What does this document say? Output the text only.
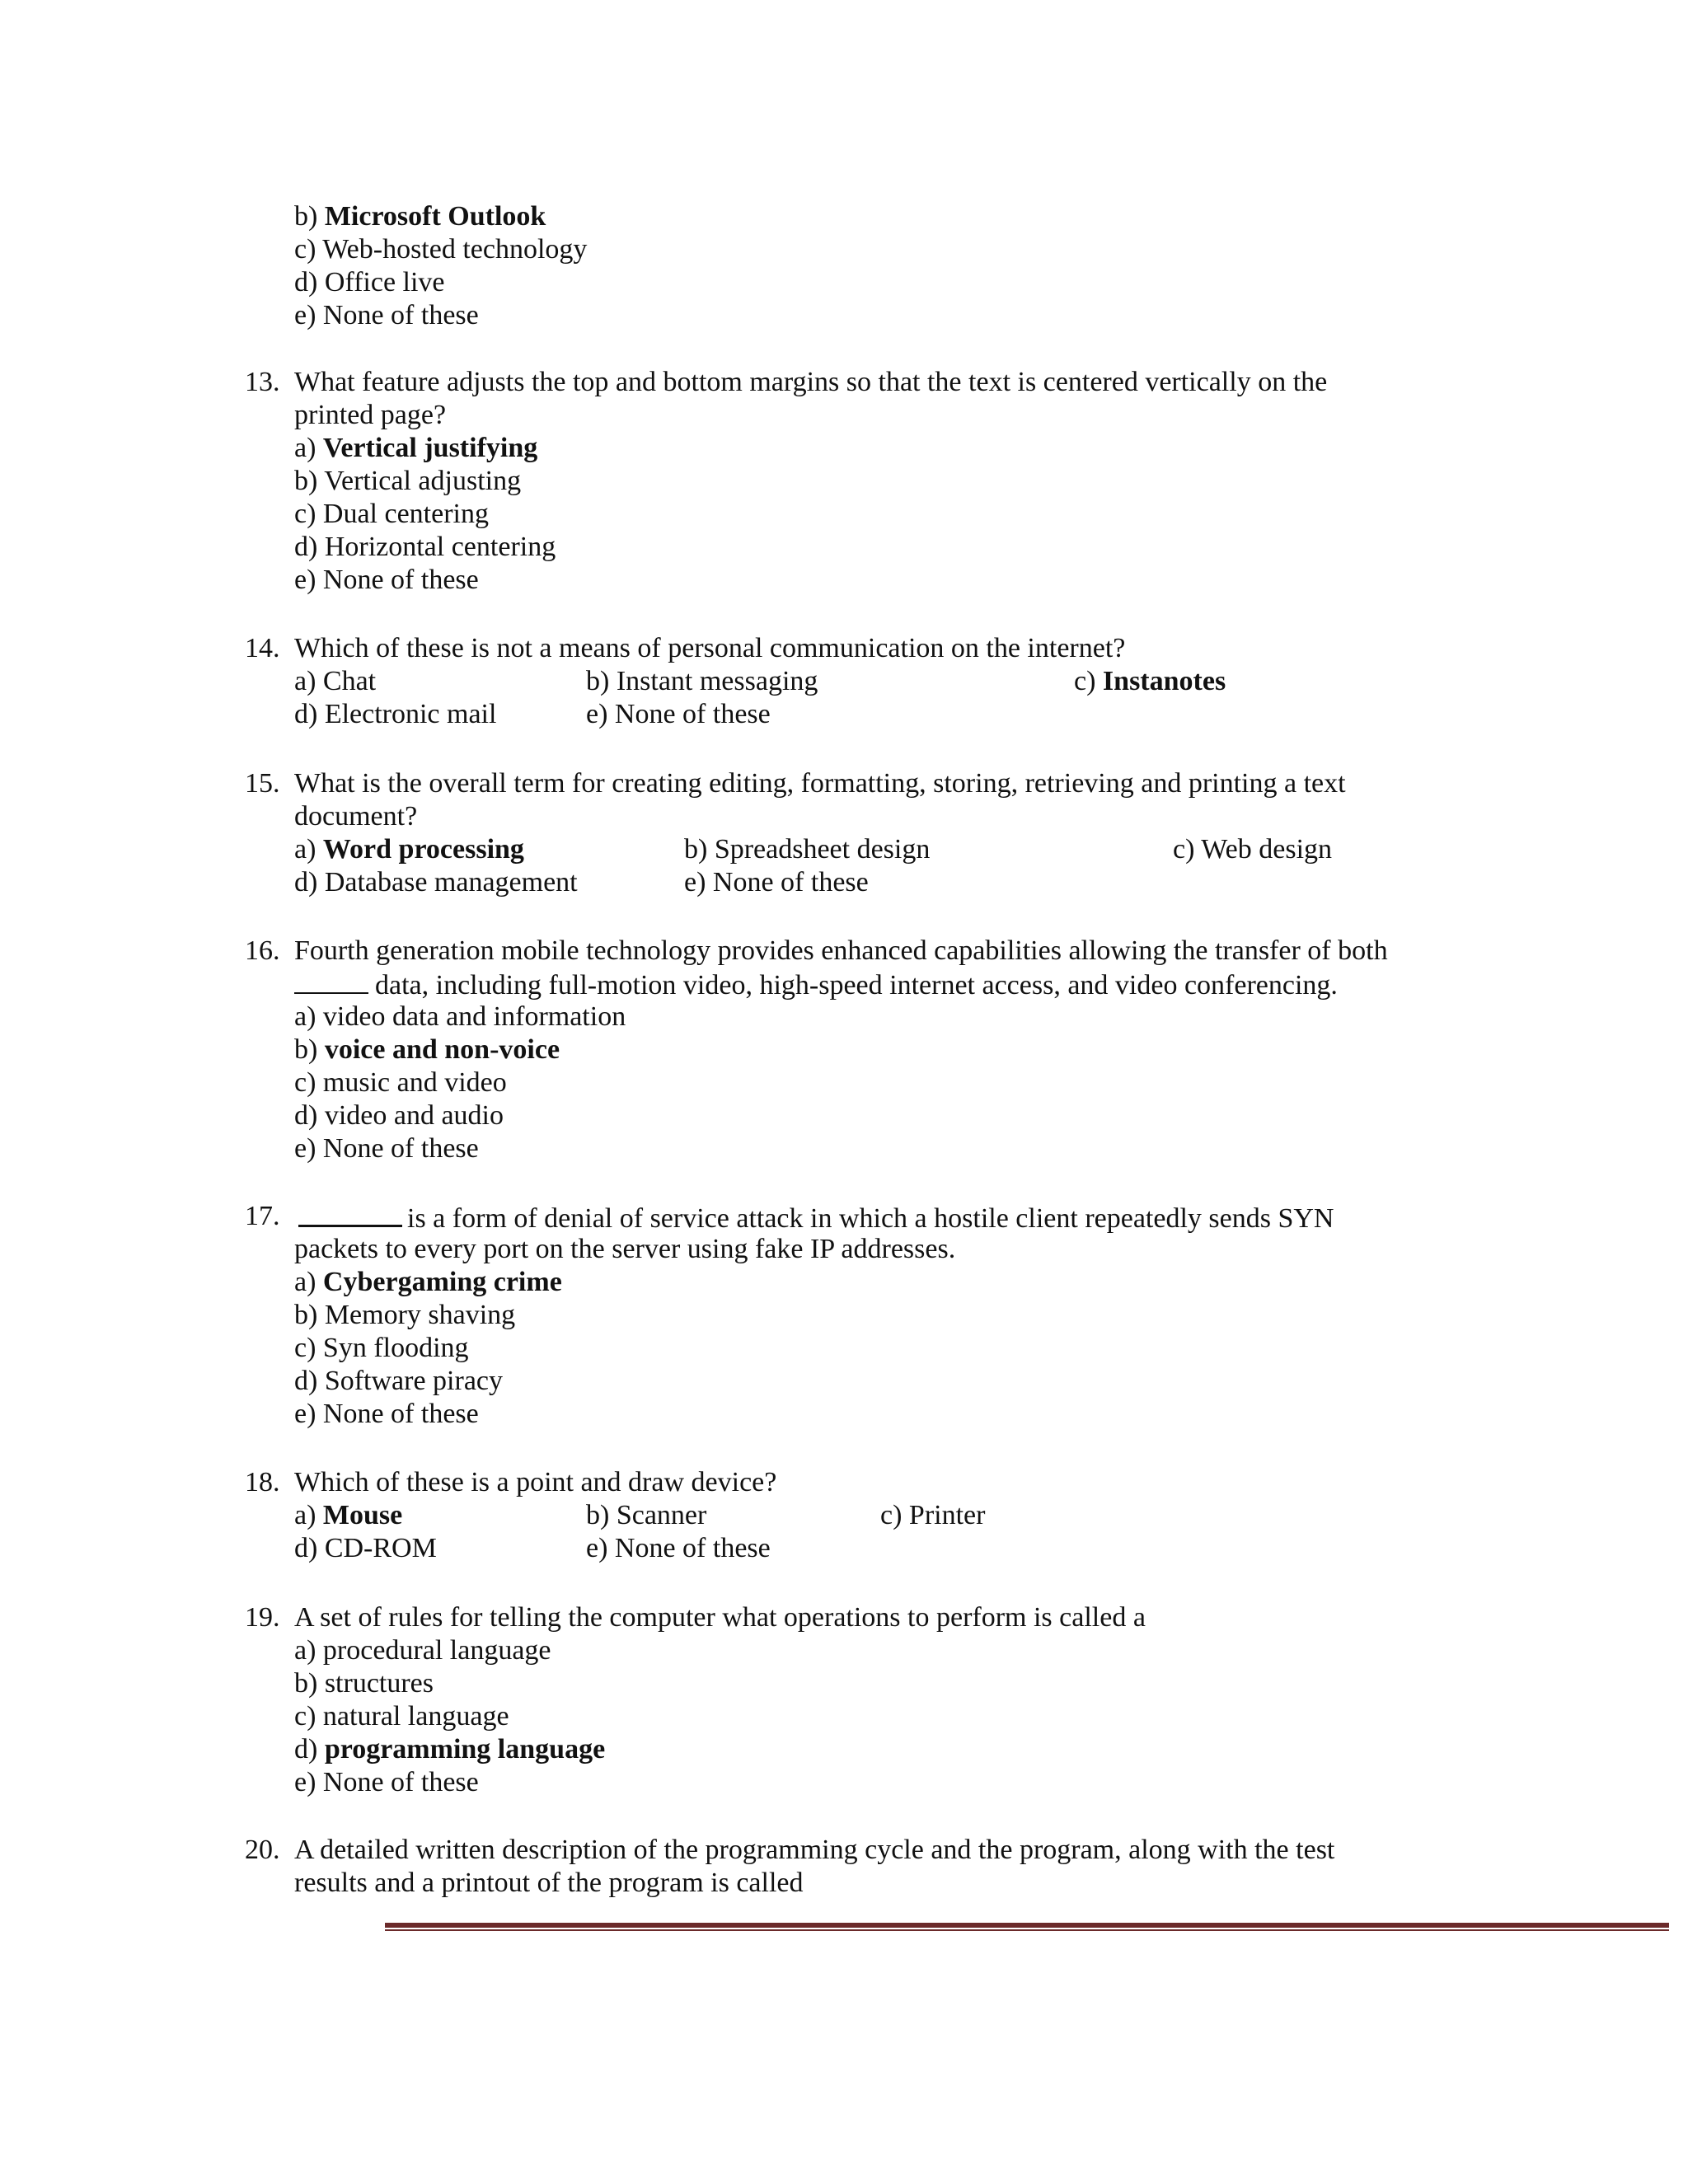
b) Microsoft Outlook
c) Web-hosted technology
d) Office live
e) None of these
13. What feature adjusts the top and bottom margins so that the text is centered vertically on the
printed page?
a) Vertical justifying
b) Vertical adjusting
c) Dual centering
d) Horizontal centering
e) None of these
14. Which of these is not a means of personal communication on the internet?
a) Chat	b) Instant messaging	c) Instanotes
d) Electronic mail	e) None of these
15. What is the overall term for creating editing, formatting, storing, retrieving and printing a text
document?
a) Word processing	b) Spreadsheet design	c) Web design
d) Database management	e) None of these
16. Fourth generation mobile technology provides enhanced capabilities allowing the transfer of both
data, including full-motion video, high-speed internet access, and video conferencing.
a) video data and information
b) voice and non-voice
c) music and video
d) video and audio
e) None of these
17.	is a form of denial of service attack in which a hostile client repeatedly sends SYN
packets to every port on the server using fake IP addresses.
a) Cybergaming crime
b) Memory shaving
c) Syn flooding
d) Software piracy
e) None of these
18. Which of these is a point and draw device?
a) Mouse	b) Scanner	c) Printer
d) CD-ROM	e) None of these
19. A set of rules for telling the computer what operations to perform is called a
a) procedural language
b) structures
c) natural language
d) programming language
e) None of these
20. A detailed written description of the programming cycle and the program, along with the test
results and a printout of the program is called
